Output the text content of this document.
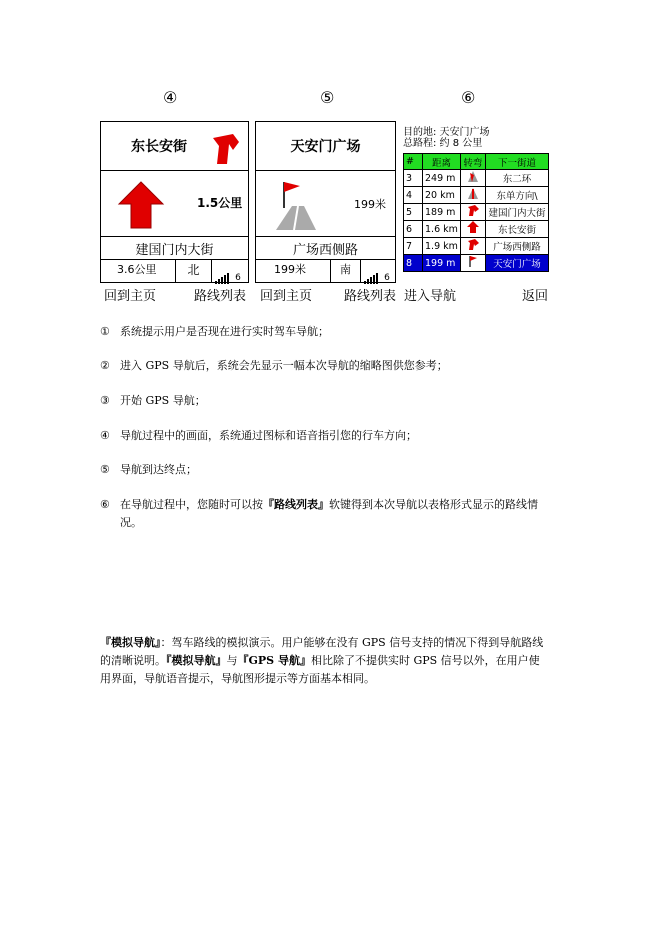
④	⑤	⑥
东长安街
1.5公里
建国门内大街
3.6公里	北
6
回到主页	路线列表
天安门广场
199米
广场西侧路
199米	南
6
回到主页 路线列表
目的地: 天安门广场
总路程: 约 8 公里
#	距离	转弯	下一街道
3	249 m		东二环
4	20 km		东单方向\
5	189 m		建国门内大街
6	1.6 km		东长安街
7	1.9 km		广场西侧路
8	199 m		天安门广场
进入导航	返回
① 系统提示用户是否现在进行实时驾车导航；
② 进入 GPS 导航后，系统会先显示一幅本次导航的缩略图供您参考；
③ 开始 GPS 导航；
④ 导航过程中的画面，系统通过图标和语音指引您的行车方向；
⑤ 导航到达终点；
⑥ 在导航过程中，您随时可以按『路线列表』软键得到本次导航以表格形式显示的路线情
况。
『模拟导航』：驾车路线的模拟演示。用户能够在没有 GPS 信号支持的情况下得到导航路线
的清晰说明。『模拟导航』与『GPS 导航』相比除了不提供实时 GPS 信号以外，在用户使
用界面，导航语音提示，导航图形提示等方面基本相同。
